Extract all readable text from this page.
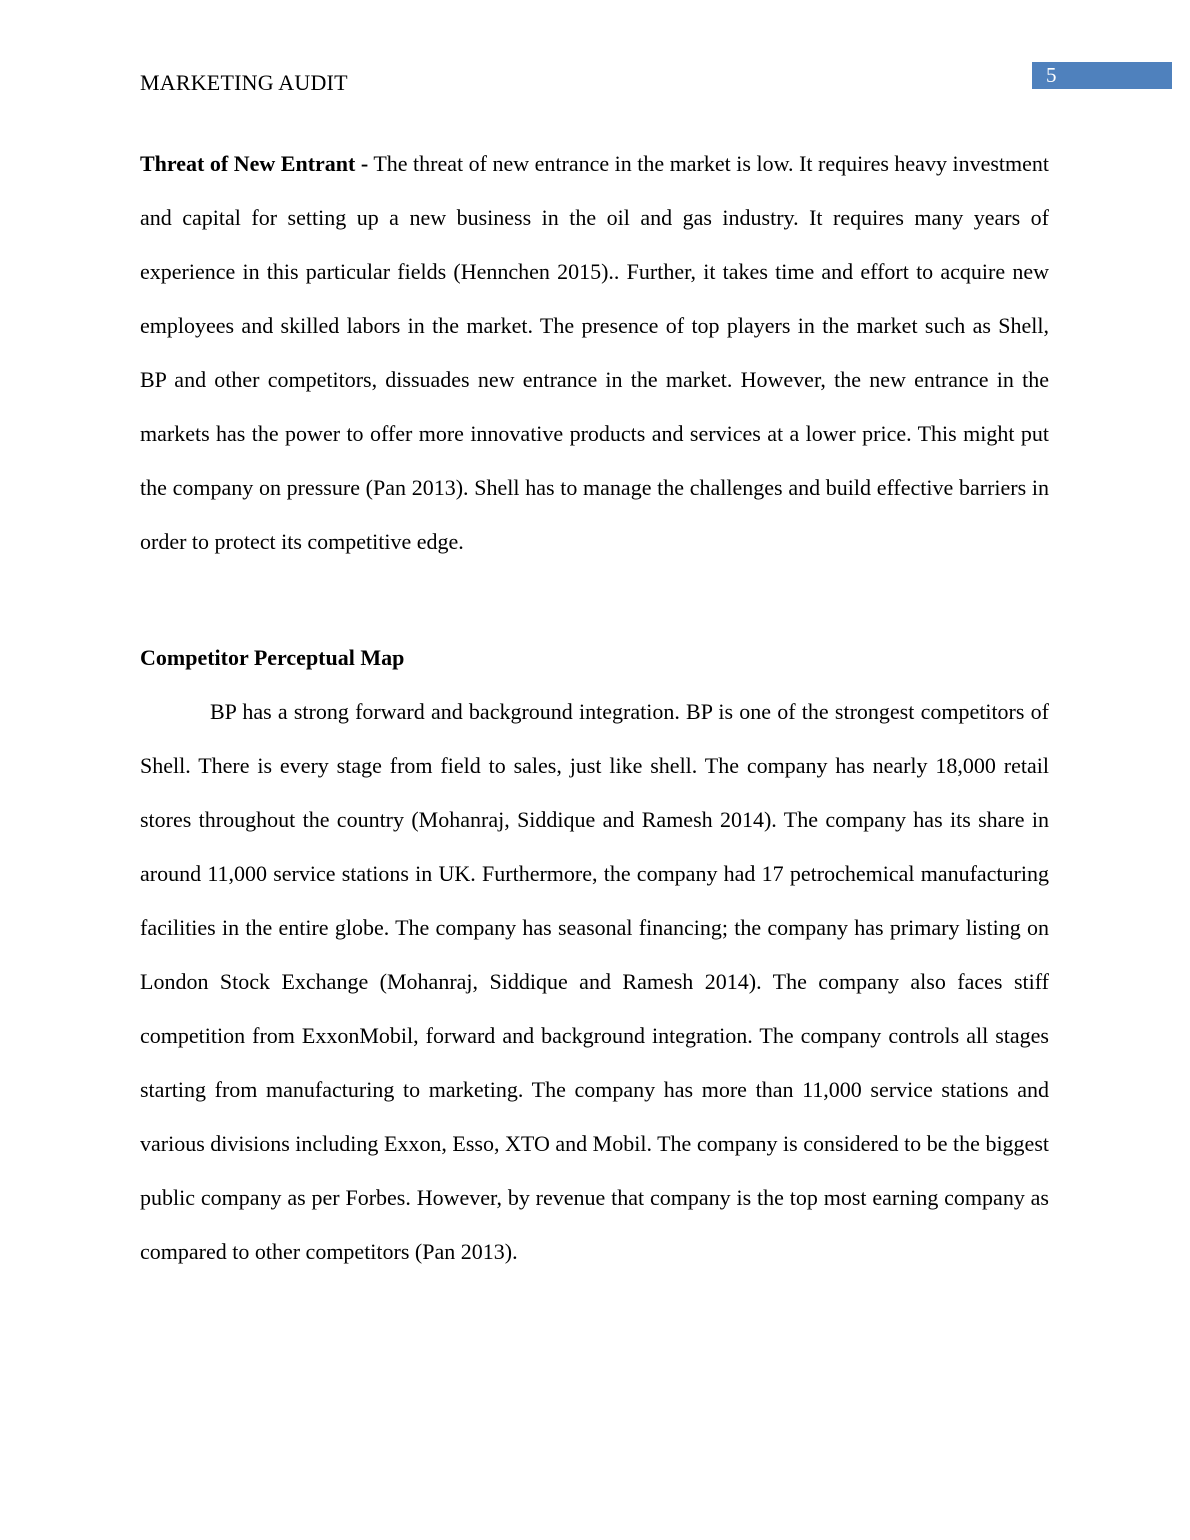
MARKETING AUDIT	5

Threat of New Entrant - The threat of new entrance in the market is low. It requires heavy investment and capital for setting up a new business in the oil and gas industry. It requires many years of experience in this particular fields (Hennchen 2015).. Further, it takes time and effort to acquire new employees and skilled labors in the market. The presence of top players in the market such as Shell, BP and other competitors, dissuades new entrance in the market. However, the new entrance in the markets has the power to offer more innovative products and services at a lower price. This might put the company on pressure (Pan 2013). Shell has to manage the challenges and build effective barriers in order to protect its competitive edge.

Competitor Perceptual Map

BP has a strong forward and background integration. BP is one of the strongest competitors of Shell. There is every stage from field to sales, just like shell. The company has nearly 18,000 retail stores throughout the country (Mohanraj, Siddique and Ramesh 2014). The company has its share in around 11,000 service stations in UK. Furthermore, the company had 17 petrochemical manufacturing facilities in the entire globe. The company has seasonal financing; the company has primary listing on London Stock Exchange (Mohanraj, Siddique and Ramesh 2014). The company also faces stiff competition from ExxonMobil, forward and background integration. The company controls all stages starting from manufacturing to marketing. The company has more than 11,000 service stations and various divisions including Exxon, Esso, XTO and Mobil. The company is considered to be the biggest public company as per Forbes. However, by revenue that company is the top most earning company as compared to other competitors (Pan 2013).
